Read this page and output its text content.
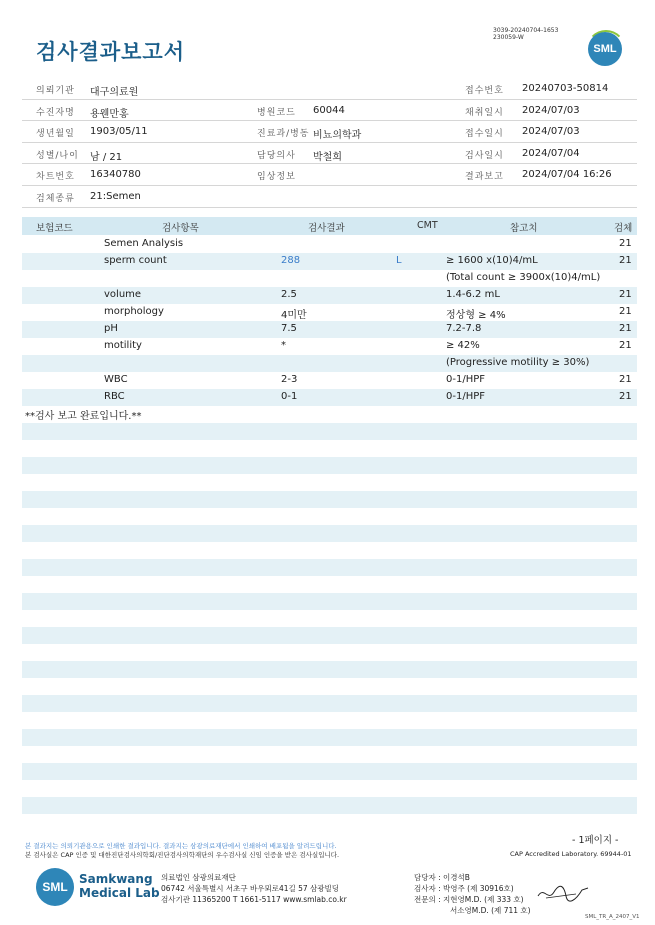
검사결과보고서
3039-20240704-1653
230059-W
SML
의뢰기관 대구의료원	접수번호 20240703-50814
수진자명 용웬만홍	병원코드 60044	채취일시 2024/07/03
생년월일 1903/05/11	진료과/병동 비뇨의학과	접수일시 2024/07/03
성별/나이 남 / 21	담당의사 박철희	검사일시 2024/07/04
차트번호 16340780	임상정보	결과보고 2024/07/04 16:26
검체종류 21:Semen
보험코드	검사항목	검사결과	CMT	참고치	검체
Semen Analysis	21
sperm count	288	L	≥ 1600 x(10)4/mL	21
(Total count ≥ 3900x(10)4/mL)
volume	2.5	1.4-6.2 mL	21
morphology	4미만	정상형 ≥ 4%	21
pH	7.5	7.2-7.8	21
motility	*	≥ 42%	21
(Progressive motility ≥ 30%)
WBC	2-3	0-1/HPF	21
RBC	0-1	0-1/HPF	21
**검사 보고 완료입니다.**
- 1페이지 -
본 결과지는 의뢰기관용으로 인쇄한 결과입니다. 결과지는 삼광의료재단에서 인쇄하여 배포됨을 알려드립니다.
본 검사실은 CAP 인증 및 대한진단검사의학회/진단검사의학재단의 우수검사실 신임 인증을 받은 검사실입니다.	CAP Accredited Laboratory. 69944-01
SML
Samkwang
Medical Lab
의료법인 삼광의료재단
06742 서울특별시 서초구 바우뫼로41길 57 삼광빌딩
검사기관 11365200 T 1661-5117 www.smlab.co.kr
담당자 : 이경석B
검사자 : 박영주 (제 30916호)
전문의 : 지현영M.D. (제 333 호)
서소영M.D. (제 711 호)
SML_TR_A_2407_V1
